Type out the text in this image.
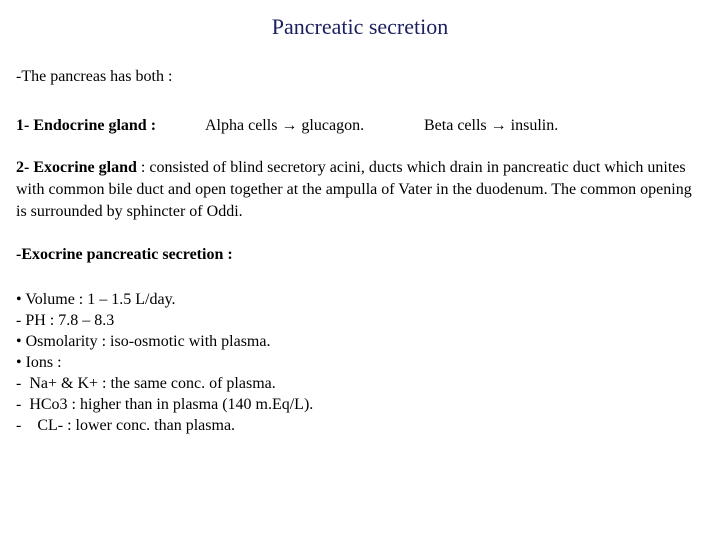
Pancreatic secretion
-The pancreas has both :
1- Endocrine gland :	Alpha cells → glucagon.	Beta cells → insulin.
2- Exocrine gland : consisted of blind secretory acini, ducts which drain in pancreatic duct which unites with common bile duct and open together at the ampulla of Vater in the duodenum. The common opening is surrounded by sphincter of Oddi.
-Exocrine pancreatic secretion :
• Volume : 1 – 1.5 L/day.
- PH : 7.8 – 8.3
• Osmolarity : iso-osmotic with plasma.
• Ions :
-  Na+ & K+ : the same conc. of plasma.
-  HCo3 : higher than in plasma (140 m.Eq/L).
-    CL- : lower conc. than plasma.
